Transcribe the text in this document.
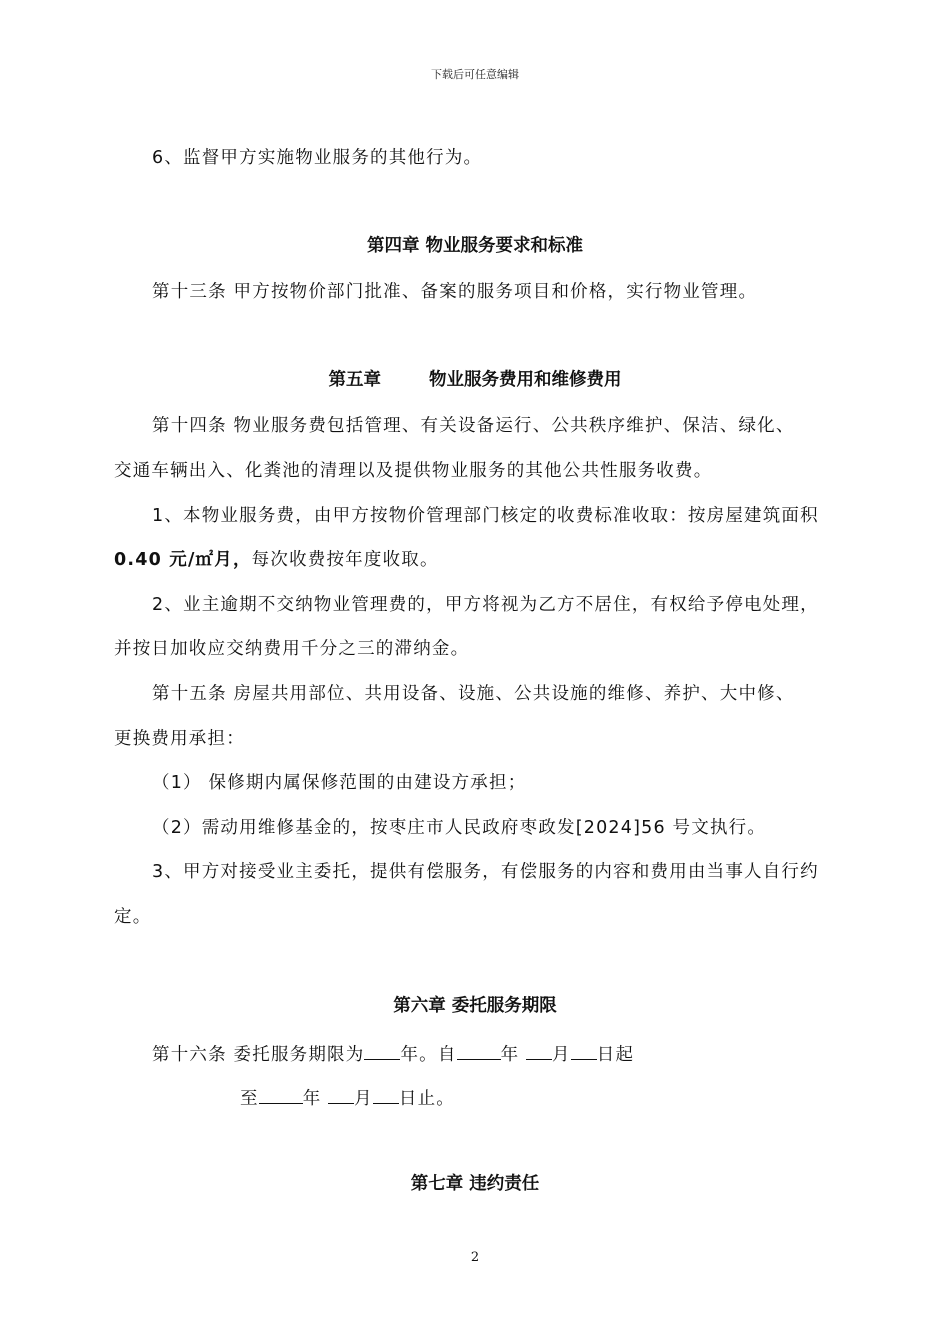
下载后可任意编辑
6、监督甲方实施物业服务的其他行为。
第四章 物业服务要求和标准
第十三条 甲方按物价部门批准、备案的服务项目和价格，实行物业管理。
第五章	物业服务费用和维修费用
第十四条 物业服务费包括管理、有关设备运行、公共秩序维护、保洁、绿化、
交通车辆出入、化粪池的清理以及提供物业服务的其他公共性服务收费。
1、本物业服务费，由甲方按物价管理部门核定的收费标准收取：按房屋建筑面积
0.40 元/㎡月，每次收费按年度收取。
2、业主逾期不交纳物业管理费的，甲方将视为乙方不居住，有权给予停电处理，
并按日加收应交纳费用千分之三的滞纳金。
第十五条 房屋共用部位、共用设备、设施、公共设施的维修、养护、大中修、
更换费用承担：
（1） 保修期内属保修范围的由建设方承担；
（2）需动用维修基金的，按枣庄市人民政府枣政发[2024]56 号文执行。
3、甲方对接受业主委托，提供有偿服务，有偿服务的内容和费用由当事人自行约
定。
第六章 委托服务期限
第十六条 委托服务期限为 年。自	年 月 日起
至	年 月 日止。
第七章 违约责任
2
